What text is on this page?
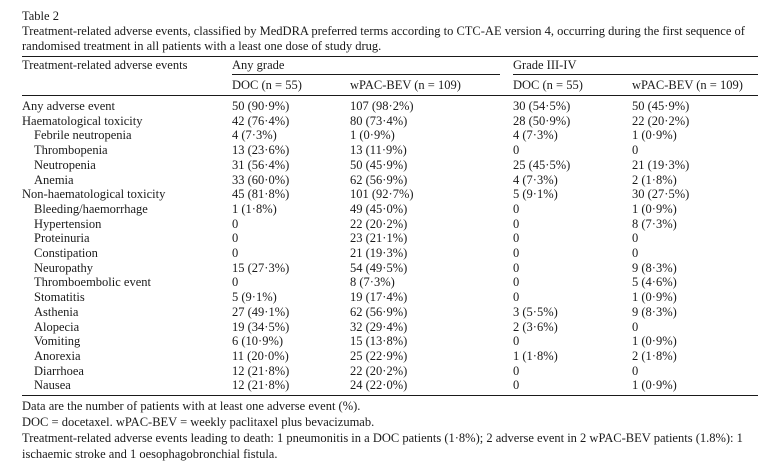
Table 2
Treatment-related adverse events, classified by MedDRA preferred terms according to CTC-AE version 4, occurring during the first sequence of randomised treatment in all patients with a least one dose of study drug.
Treatment-related adverse events	Any grade	Grade III-IV
DOC (n = 55)	wPAC-BEV (n = 109)	DOC (n = 55)	wPAC-BEV (n = 109)
Any adverse event	50 (90·9%)	107 (98·2%)	30 (54·5%)	50 (45·9%)
Haematological toxicity	42 (76·4%)	80 (73·4%)	28 (50·9%)	22 (20·2%)
Febrile neutropenia	4 (7·3%)	1 (0·9%)	4 (7·3%)	1 (0·9%)
Thrombopenia	13 (23·6%)	13 (11·9%)	0	0
Neutropenia	31 (56·4%)	50 (45·9%)	25 (45·5%)	21 (19·3%)
Anemia	33 (60·0%)	62 (56·9%)	4 (7·3%)	2 (1·8%)
Non-haematological toxicity	45 (81·8%)	101 (92·7%)	5 (9·1%)	30 (27·5%)
Bleeding/haemorrhage	1 (1·8%)	49 (45·0%)	0	1 (0·9%)
Hypertension	0	22 (20·2%)	0	8 (7·3%)
Proteinuria	0	23 (21·1%)	0	0
Constipation	0	21 (19·3%)	0	0
Neuropathy	15 (27·3%)	54 (49·5%)	0	9 (8·3%)
Thromboembolic event	0	8 (7·3%)	0	5 (4·6%)
Stomatitis	5 (9·1%)	19 (17·4%)	0	1 (0·9%)
Asthenia	27 (49·1%)	62 (56·9%)	3 (5·5%)	9 (8·3%)
Alopecia	19 (34·5%)	32 (29·4%)	2 (3·6%)	0
Vomiting	6 (10·9%)	15 (13·8%)	0	1 (0·9%)
Anorexia	11 (20·0%)	25 (22·9%)	1 (1·8%)	2 (1·8%)
Diarrhoea	12 (21·8%)	22 (20·2%)	0	0
Nausea	12 (21·8%)	24 (22·0%)	0	1 (0·9%)
Data are the number of patients with at least one adverse event (%).
DOC = docetaxel. wPAC-BEV = weekly paclitaxel plus bevacizumab.
Treatment-related adverse events leading to death: 1 pneumonitis in a DOC patients (1·8%); 2 adverse event in 2 wPAC-BEV patients (1.8%): 1 ischaemic stroke and 1 oesophagobronchial fistula.
